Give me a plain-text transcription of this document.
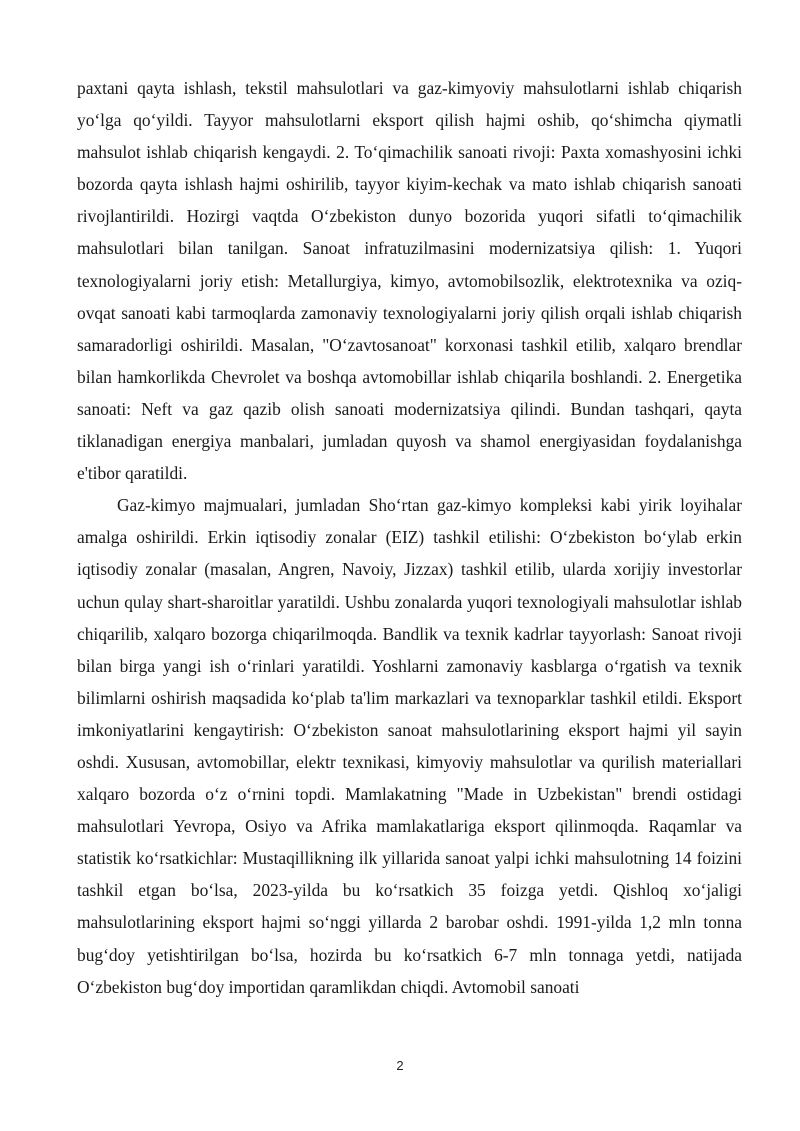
paxtani qayta ishlash, tekstil mahsulotlari va gaz-kimyoviy mahsulotlarni ishlab chiqarish yo‘lga qo‘yildi. Tayyor mahsulotlarni eksport qilish hajmi oshib, qo‘shimcha qiymatli mahsulot ishlab chiqarish kengaydi. 2. To‘qimachilik sanoati rivoji: Paxta xomashyosini ichki bozorda qayta ishlash hajmi oshirilib, tayyor kiyim-kechak va mato ishlab chiqarish sanoati rivojlantirildi. Hozirgi vaqtda O‘zbekiston dunyo bozorida yuqori sifatli to‘qimachilik mahsulotlari bilan tanilgan. Sanoat infratuzilmasini modernizatsiya qilish: 1. Yuqori texnologiyalarni joriy etish: Metallurgiya, kimyo, avtomobilsozlik, elektrotexnika va oziq-ovqat sanoati kabi tarmoqlarda zamonaviy texnologiyalarni joriy qilish orqali ishlab chiqarish samaradorligi oshirildi. Masalan, "O‘zavtosanoat" korxonasi tashkil etilib, xalqaro brendlar bilan hamkorlikda Chevrolet va boshqa avtomobillar ishlab chiqarila boshlandi. 2. Energetika sanoati: Neft va gaz qazib olish sanoati modernizatsiya qilindi. Bundan tashqari, qayta tiklanadigan energiya manbalari, jumladan quyosh va shamol energiyasidan foydalanishga e'tibor qaratildi.

Gaz-kimyo majmualari, jumladan Sho‘rtan gaz-kimyo kompleksi kabi yirik loyihalar amalga oshirildi. Erkin iqtisodiy zonalar (EIZ) tashkil etilishi: O‘zbekiston bo‘ylab erkin iqtisodiy zonalar (masalan, Angren, Navoiy, Jizzax) tashkil etilib, ularda xorijiy investorlar uchun qulay shart-sharoitlar yaratildi. Ushbu zonalarda yuqori texnologiyali mahsulotlar ishlab chiqarilib, xalqaro bozorga chiqarilmoqda. Bandlik va texnik kadrlar tayyorlash: Sanoat rivoji bilan birga yangi ish o‘rinlari yaratildi. Yoshlarni zamonaviy kasblarga o‘rgatish va texnik bilimlarni oshirish maqsadida ko‘plab ta'lim markazlari va texnoparklar tashkil etildi. Eksport imkoniyatlarini kengaytirish: O‘zbekiston sanoat mahsulotlarining eksport hajmi yil sayin oshdi. Xususan, avtomobillar, elektr texnikasi, kimyoviy mahsulotlar va qurilish materiallari xalqaro bozorda o‘z o‘rnini topdi. Mamlakatning "Made in Uzbekistan" brendi ostidagi mahsulotlari Yevropa, Osiyo va Afrika mamlakatlariga eksport qilinmoqda. Raqamlar va statistik ko‘rsatkichlar: Mustaqillikning ilk yillarida sanoat yalpi ichki mahsulotning 14 foizini tashkil etgan bo‘lsa, 2023-yilda bu ko‘rsatkich 35 foizga yetdi. Qishloq xo‘jaligi mahsulotlarining eksport hajmi so‘nggi yillarda 2 barobar oshdi. 1991-yilda 1,2 mln tonna bug‘doy yetishtirilgan bo‘lsa, hozirda bu ko‘rsatkich 6-7 mln tonnaga yetdi, natijada O‘zbekiston bug‘doy importidan qaramlikdan chiqdi. Avtomobil sanoati

2
